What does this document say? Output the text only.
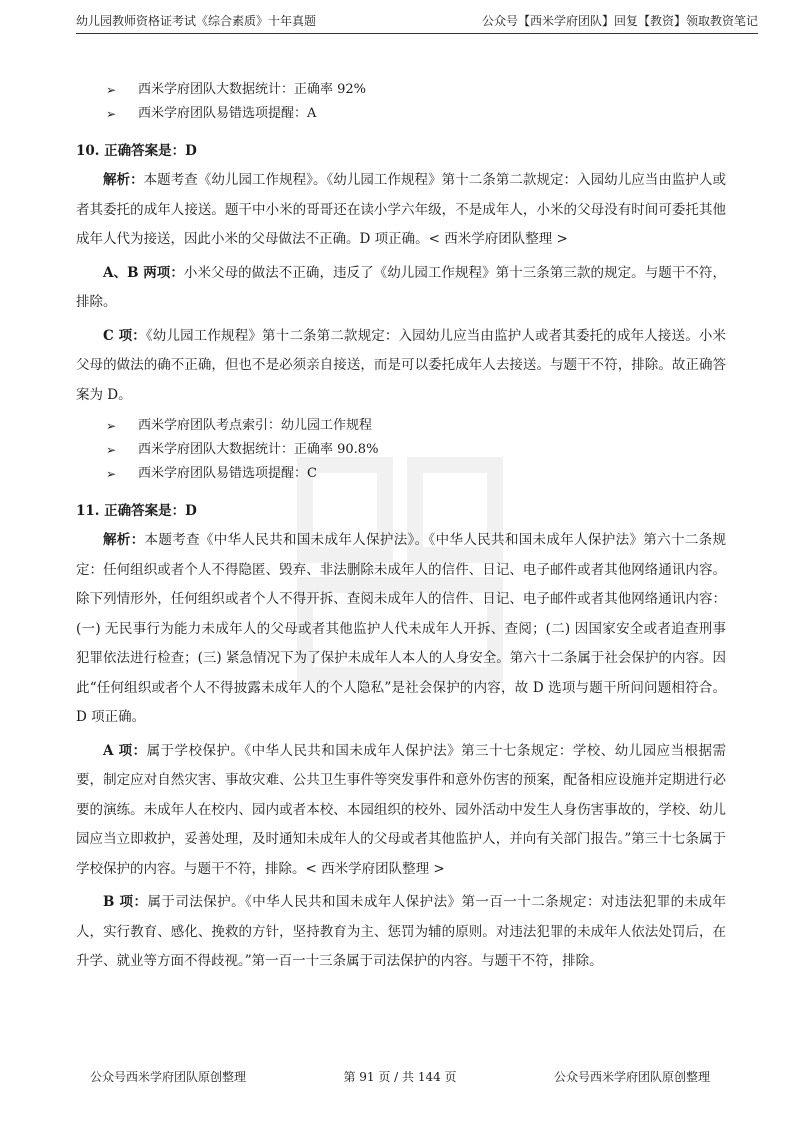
幼儿园教师资格证考试《综合素质》十年真题	公众号【西米学府团队】回复【教资】领取教资笔记
➢	西米学府团队大数据统计：正确率 92%
➢	西米学府团队易错选项提醒：A
10. 正确答案是：D

解析：本题考查《幼儿园工作规程》。《幼儿园工作规程》第十二条第二款规定：入园幼儿应当由监护人或者其委托的成年人接送。题干中小米的哥哥还在读小学六年级，不是成年人，小米的父母没有时间可委托其他成年人代为接送，因此小米的父母做法不正确。D 项正确。< 西米学府团队整理 >

A、B 两项：小米父母的做法不正确，违反了《幼儿园工作规程》第十三条第三款的规定。与题干不符，排除。

C 项：《幼儿园工作规程》第十二条第二款规定：入园幼儿应当由监护人或者其委托的成年人接送。小米父母的做法的确不正确，但也不是必须亲自接送，而是可以委托成年人去接送。与题干不符，排除。故正确答案为 D。

➢	西米学府团队考点索引：幼儿园工作规程
➢	西米学府团队大数据统计：正确率 90.8%
➢	西米学府团队易错选项提醒：C
11. 正确答案是：D

解析：本题考查《中华人民共和国未成年人保护法》。《中华人民共和国未成年人保护法》第六十二条规定：任何组织或者个人不得隐匿、毁弃、非法删除未成年人的信件、日记、电子邮件或者其他网络通讯内容。除下列情形外，任何组织或者个人不得开拆、查阅未成年人的信件、日记、电子邮件或者其他网络通讯内容：(一) 无民事行为能力未成年人的父母或者其他监护人代未成年人开拆、查阅；(二) 因国家安全或者追查刑事犯罪依法进行检查；(三) 紧急情况下为了保护未成年人本人的人身安全。第六十二条属于社会保护的内容。因此“任何组织或者个人不得披露未成年人的个人隐私”是社会保护的内容，故 D 选项与题干所问问题相符合。D 项正确。

A 项：属于学校保护。《中华人民共和国未成年人保护法》第三十七条规定：学校、幼儿园应当根据需要，制定应对自然灾害、事故灾难、公共卫生事件等突发事件和意外伤害的预案，配备相应设施并定期进行必要的演练。未成年人在校内、园内或者本校、本园组织的校外、园外活动中发生人身伤害事故的，学校、幼儿园应当立即救护，妥善处理，及时通知未成年人的父母或者其他监护人，并向有关部门报告。”第三十七条属于学校保护的内容。与题干不符，排除。< 西米学府团队整理 >

B 项：属于司法保护。《中华人民共和国未成年人保护法》第一百一十二条规定：对违法犯罪的未成年人，实行教育、感化、挽救的方针，坚持教育为主、惩罚为辅的原则。对违法犯罪的未成年人依法处罚后，在升学、就业等方面不得歧视。”第一百一十三条属于司法保护的内容。与题干不符，排除。

公众号西米学府团队原创整理	第 91 页 / 共 144 页	公众号西米学府团队原创整理
